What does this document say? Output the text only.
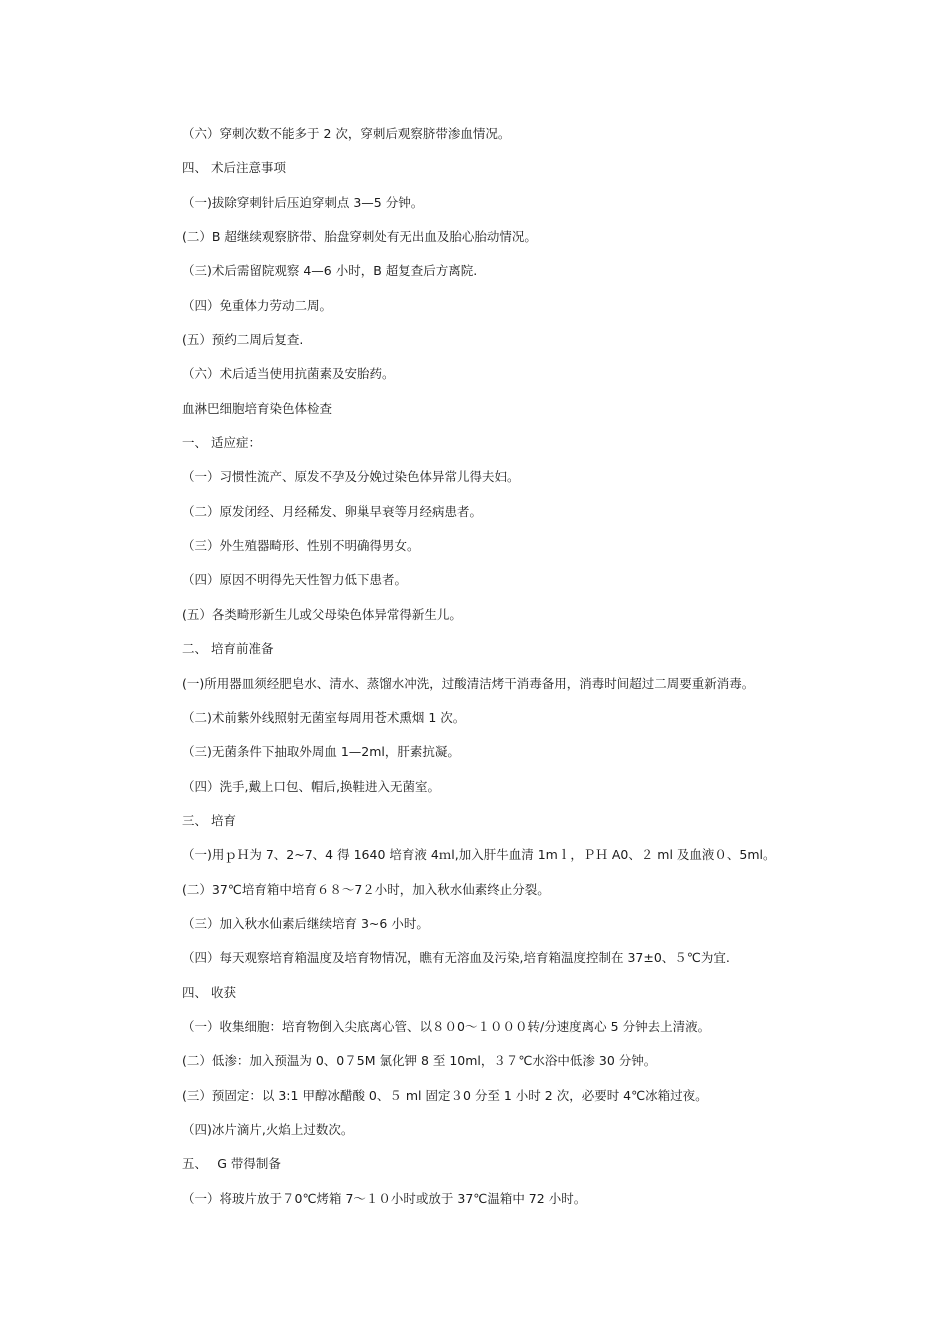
（六）穿刺次数不能多于 2 次，穿刺后观察脐带渗血情况。
四、 术后注意事项
（一)拔除穿刺针后压迫穿刺点 3—5 分钟。
(二）B 超继续观察脐带、胎盘穿刺处有无出血及胎心胎动情况。
（三)术后需留院观察 4—6 小时，B 超复查后方离院.
（四）免重体力劳动二周。
(五）预约二周后复查.
（六）术后适当使用抗菌素及安胎药。
血淋巴细胞培育染色体检查
一、 适应症：
（一）习惯性流产、原发不孕及分娩过染色体异常儿得夫妇。
（二）原发闭经、月经稀发、卵巢早衰等月经病患者。
（三）外生殖器畸形、性别不明确得男女。
（四）原因不明得先天性智力低下患者。
(五）各类畸形新生儿或父母染色体异常得新生儿。
二、 培育前准备
(一)所用器皿须经肥皂水、清水、蒸馏水冲洗，过酸清洁烤干消毒备用，消毒时间超过二周要重新消毒。
（二)术前紫外线照射无菌室每周用苍术熏烟 1 次。
（三)无菌条件下抽取外周血 1—2ml，肝素抗凝。
（四）洗手,戴上口包、帽后,换鞋进入无菌室。
三、 培育
（一)用ｐＨ为 7、2~7、4 得 1640 培育液 4ｍl,加入肝牛血清 1mｌ，ＰＨ A0、２ ml 及血液０、5ml。
(二）37℃培育箱中培育６８～7２小时，加入秋水仙素终止分裂。
（三）加入秋水仙素后继续培育 3~6 小时。
（四）每天观察培育箱温度及培育物情况，瞧有无溶血及污染,培育箱温度控制在 37±0、５℃为宜.
四、 收获
（一）收集细胞：培育物倒入尖底离心管、以８０0～１０００转/分速度离心 5 分钟去上清液。
(二）低渗：加入预温为 0、0７5M 氯化钾 8 至 10ml，３７℃水浴中低渗 30 分钟。
(三）预固定：以 3:1 甲醇冰醋酸 0、５ ml 固定３0 分至 1 小时 2 次，必要时 4℃冰箱过夜。
（四)冰片滴片,火焰上过数次。
五、　 G 带得制备
（一）将玻片放于７0℃烤箱 7～１０小时或放于 37℃温箱中 72 小时。
